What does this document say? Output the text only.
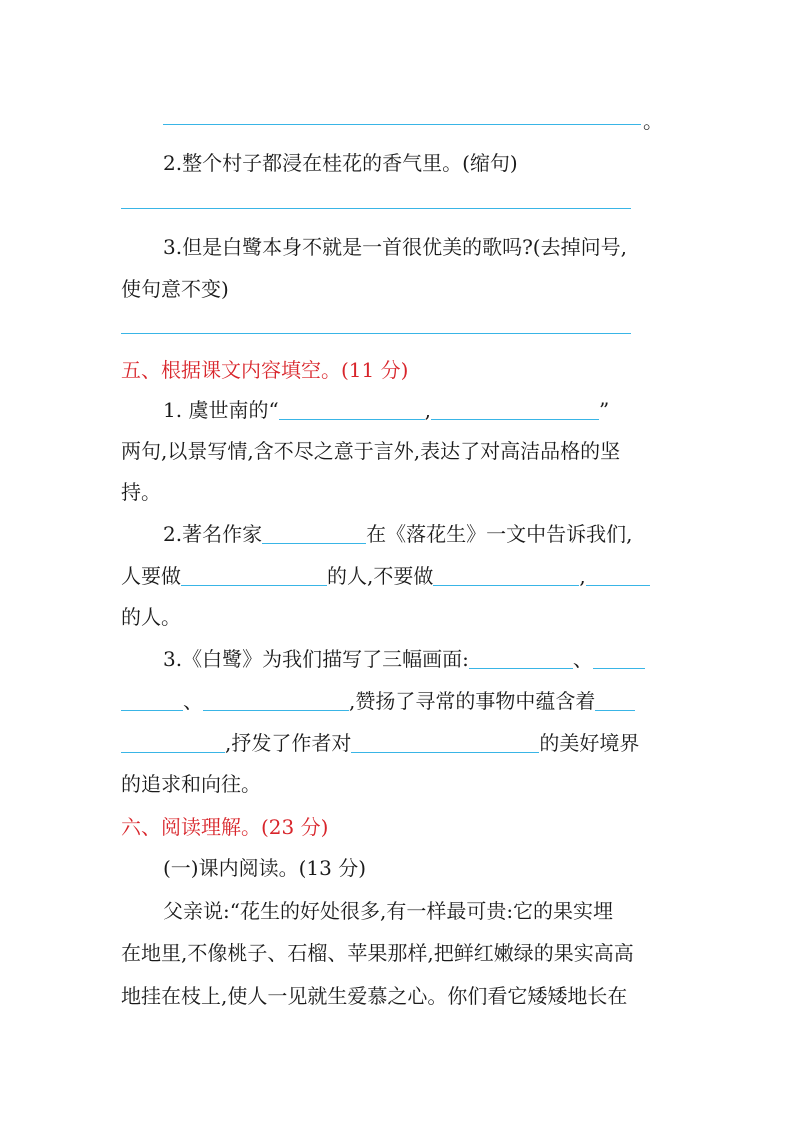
。
2.整个村子都浸在桂花的香气里。(缩句)
3.但是白鹭本身不就是一首很优美的歌吗?(去掉问号,
使句意不变)
五、根据课文内容填空。(11 分)
1. 虞世南的“	,	”
两句,以景写情,含不尽之意于言外,表达了对高洁品格的坚
持。
2.著名作家	在《落花生》一文中告诉我们,
人要做	的人,不要做	,
的人。
3.《白鹭》为我们描写了三幅画面:	、
、	,赞扬了寻常的事物中蕴含着
,抒发了作者对	的美好境界
的追求和向往。
六、阅读理解。(23 分)
(一)课内阅读。(13 分)
父亲说:“花生的好处很多,有一样最可贵:它的果实埋
在地里,不像桃子、石榴、苹果那样,把鲜红嫩绿的果实高高
地挂在枝上,使人一见就生爱慕之心。你们看它矮矮地长在
